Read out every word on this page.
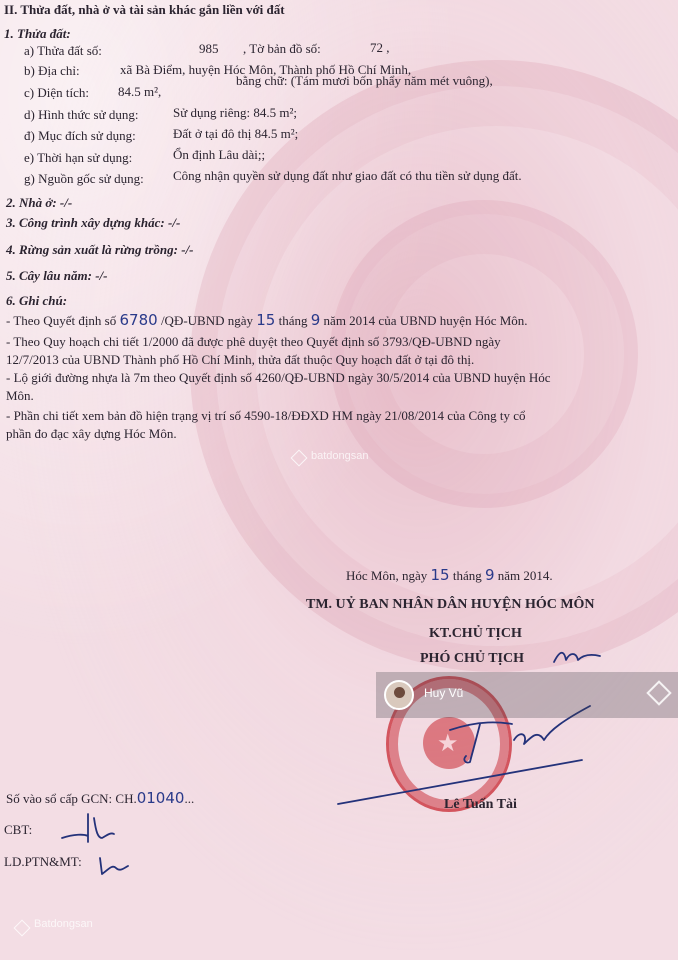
II. Thửa đất, nhà ở và tài sản khác gắn liền với đất
1. Thửa đất:
a) Thửa đất số:	985 , Tờ bản đồ số:	72 ,
b) Địa chỉ:	xã Bà Điểm, huyện Hóc Môn, Thành phố Hồ Chí Minh,
c) Diện tích: 84.5 m²,
bằng chữ: (Tám mươi bốn phẩy năm mét vuông),
d) Hình thức sử dụng:	Sử dụng riêng: 84.5 m²;
đ) Mục đích sử dụng:	Đất ở tại đô thị 84.5 m²;
e) Thời hạn sử dụng:	Ổn định Lâu dài;;
g) Nguồn gốc sử dụng: Công nhận quyền sử dụng đất như giao đất có thu tiền sử dụng đất.
2. Nhà ở: -/-
3. Công trình xây dựng khác: -/-
4. Rừng sản xuất là rừng trồng: -/-
5. Cây lâu năm: -/-
6. Ghi chú:
- Theo Quyết định số 6780 /QĐ-UBND ngày 15 tháng 9 năm 2014 của UBND huyện Hóc Môn.
- Theo Quy hoạch chi tiết 1/2000 đã được phê duyệt theo Quyết định số 3793/QĐ-UBND ngày
12/7/2013 của UBND Thành phố Hồ Chí Minh, thửa đất thuộc Quy hoạch đất ở tại đô thị.
- Lộ giới đường nhựa là 7m theo Quyết định số 4260/QĐ-UBND ngày 30/5/2014 của UBND huyện Hóc
Môn.
- Phần chi tiết xem bản đồ hiện trạng vị trí số 4590-18/ĐĐXD HM ngày 21/08/2014 của Công ty cổ
phần đo đạc xây dựng Hóc Môn.
batdongsan
Hóc Môn, ngày 15 tháng 9 năm 2014.
TM. UỶ BAN NHÂN DÂN HUYỆN HÓC MÔN
KT.CHỦ TỊCH
PHÓ CHỦ TỊCH
★
Huy Vũ
Lê Tuấn Tài
Số vào sổ cấp GCN: CH.01040...
CBT:
LD.PTN&MT:
Batdongsan
